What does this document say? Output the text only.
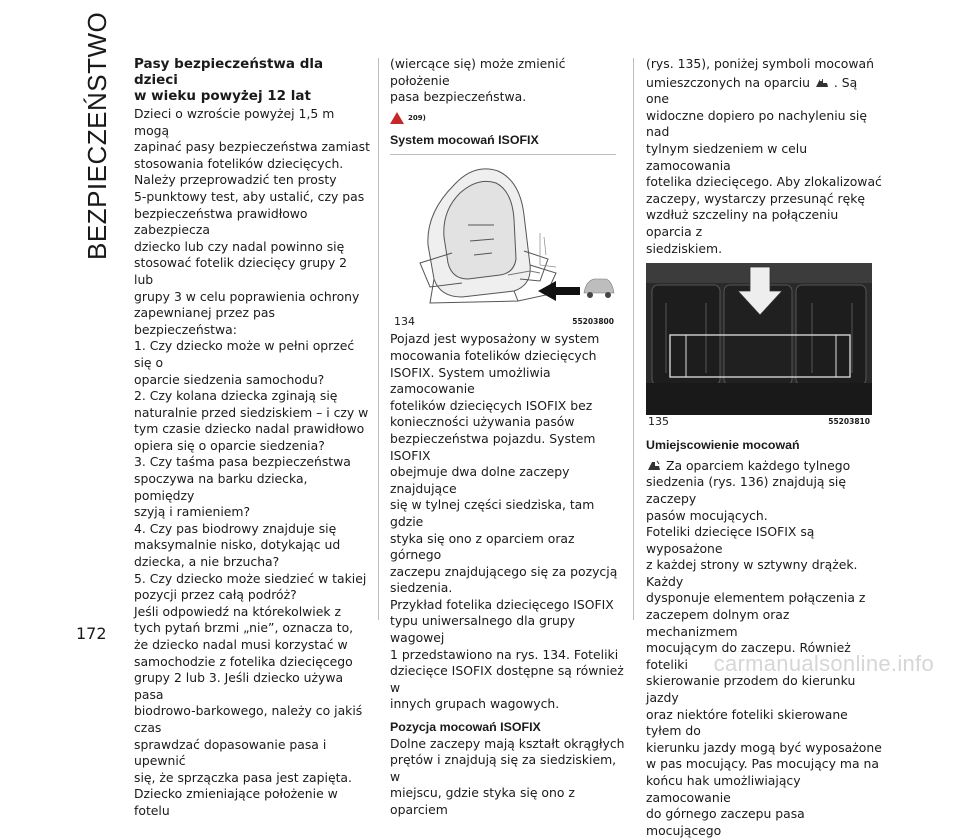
BEZPIECZEŃSTWO
172
Pasy bezpieczeństwa dla dzieci
w wieku powyżej 12 lat

Dzieci o wzroście powyżej 1,5 m mogą

zapinać pasy bezpieczeństwa zamiast

stosowania fotelików dziecięcych.

Należy przeprowadzić ten prosty

5-punktowy test, aby ustalić, czy pas

bezpieczeństwa prawidłowo zabezpiecza

dziecko lub czy nadal powinno się

stosować fotelik dziecięcy grupy 2 lub

grupy 3 w celu poprawienia ochrony

zapewnianej przez pas bezpieczeństwa:

1. Czy dziecko może w pełni oprzeć się o

oparcie siedzenia samochodu?

2. Czy kolana dziecka zginają się

naturalnie przed siedziskiem – i czy w

tym czasie dziecko nadal prawidłowo

opiera się o oparcie siedzenia?

3. Czy taśma pasa bezpieczeństwa

spoczywa na barku dziecka, pomiędzy

szyją i ramieniem?

4. Czy pas biodrowy znajduje się

maksymalnie nisko, dotykając ud

dziecka, a nie brzucha?

5. Czy dziecko może siedzieć w takiej

pozycji przez całą podróż?

Jeśli odpowiedź na którekolwiek z

tych pytań brzmi „nie”, oznacza to,

że dziecko nadal musi korzystać w

samochodzie z fotelika dziecięcego

grupy 2 lub 3. Jeśli dziecko używa pasa

biodrowo-barkowego, należy co jakiś czas

sprawdzać dopasowanie pasa i upewnić

się, że sprzączka pasa jest zapięta.

Dziecko zmieniające położenie w fotelu

(wiercące się) może zmienić położenie

pasa bezpieczeństwa.

209)

System mocowań ISOFIX

134	55203800

Pojazd jest wyposażony w system

mocowania fotelików dziecięcych

ISOFIX. System umożliwia zamocowanie

fotelików dziecięcych ISOFIX bez

konieczności używania pasów

bezpieczeństwa pojazdu. System ISOFIX

obejmuje dwa dolne zaczepy znajdujące

się w tylnej części siedziska, tam gdzie

styka się ono z oparciem oraz górnego

zaczepu znajdującego się za pozycją

siedzenia.

Przykład fotelika dziecięcego ISOFIX

typu uniwersalnego dla grupy wagowej

1 przedstawiono na rys. 134. Foteliki

dziecięce ISOFIX dostępne są również w

innych grupach wagowych.

Pozycja mocowań ISOFIX

Dolne zaczepy mają kształt okrągłych

prętów i znajdują się za siedziskiem, w

miejscu, gdzie styka się ono z oparciem

(rys. 135), poniżej symboli mocowań

umieszczonych na oparciu . Są one

widoczne dopiero po nachyleniu się nad

tylnym siedzeniem w celu zamocowania

fotelika dziecięcego. Aby zlokalizować

zaczepy, wystarczy przesunąć rękę

wzdłuż szczeliny na połączeniu oparcia z

siedziskiem.

135	55203810

Umiejscowienie mocowań

Za oparciem każdego tylnego

siedzenia (rys. 136) znajdują się zaczepy

pasów mocujących.

Foteliki dziecięce ISOFIX są wyposażone

z każdej strony w sztywny drążek. Każdy

dysponuje elementem połączenia z

zaczepem dolnym oraz mechanizmem

mocującym do zaczepu. Również foteliki

skierowanie przodem do kierunku jazdy

oraz niektóre foteliki skierowane tyłem do

kierunku jazdy mogą być wyposażone

w pas mocujący. Pas mocujący ma na

końcu hak umożliwiający zamocowanie

do górnego zaczepu pasa mocującego

carmanualsonline.info
